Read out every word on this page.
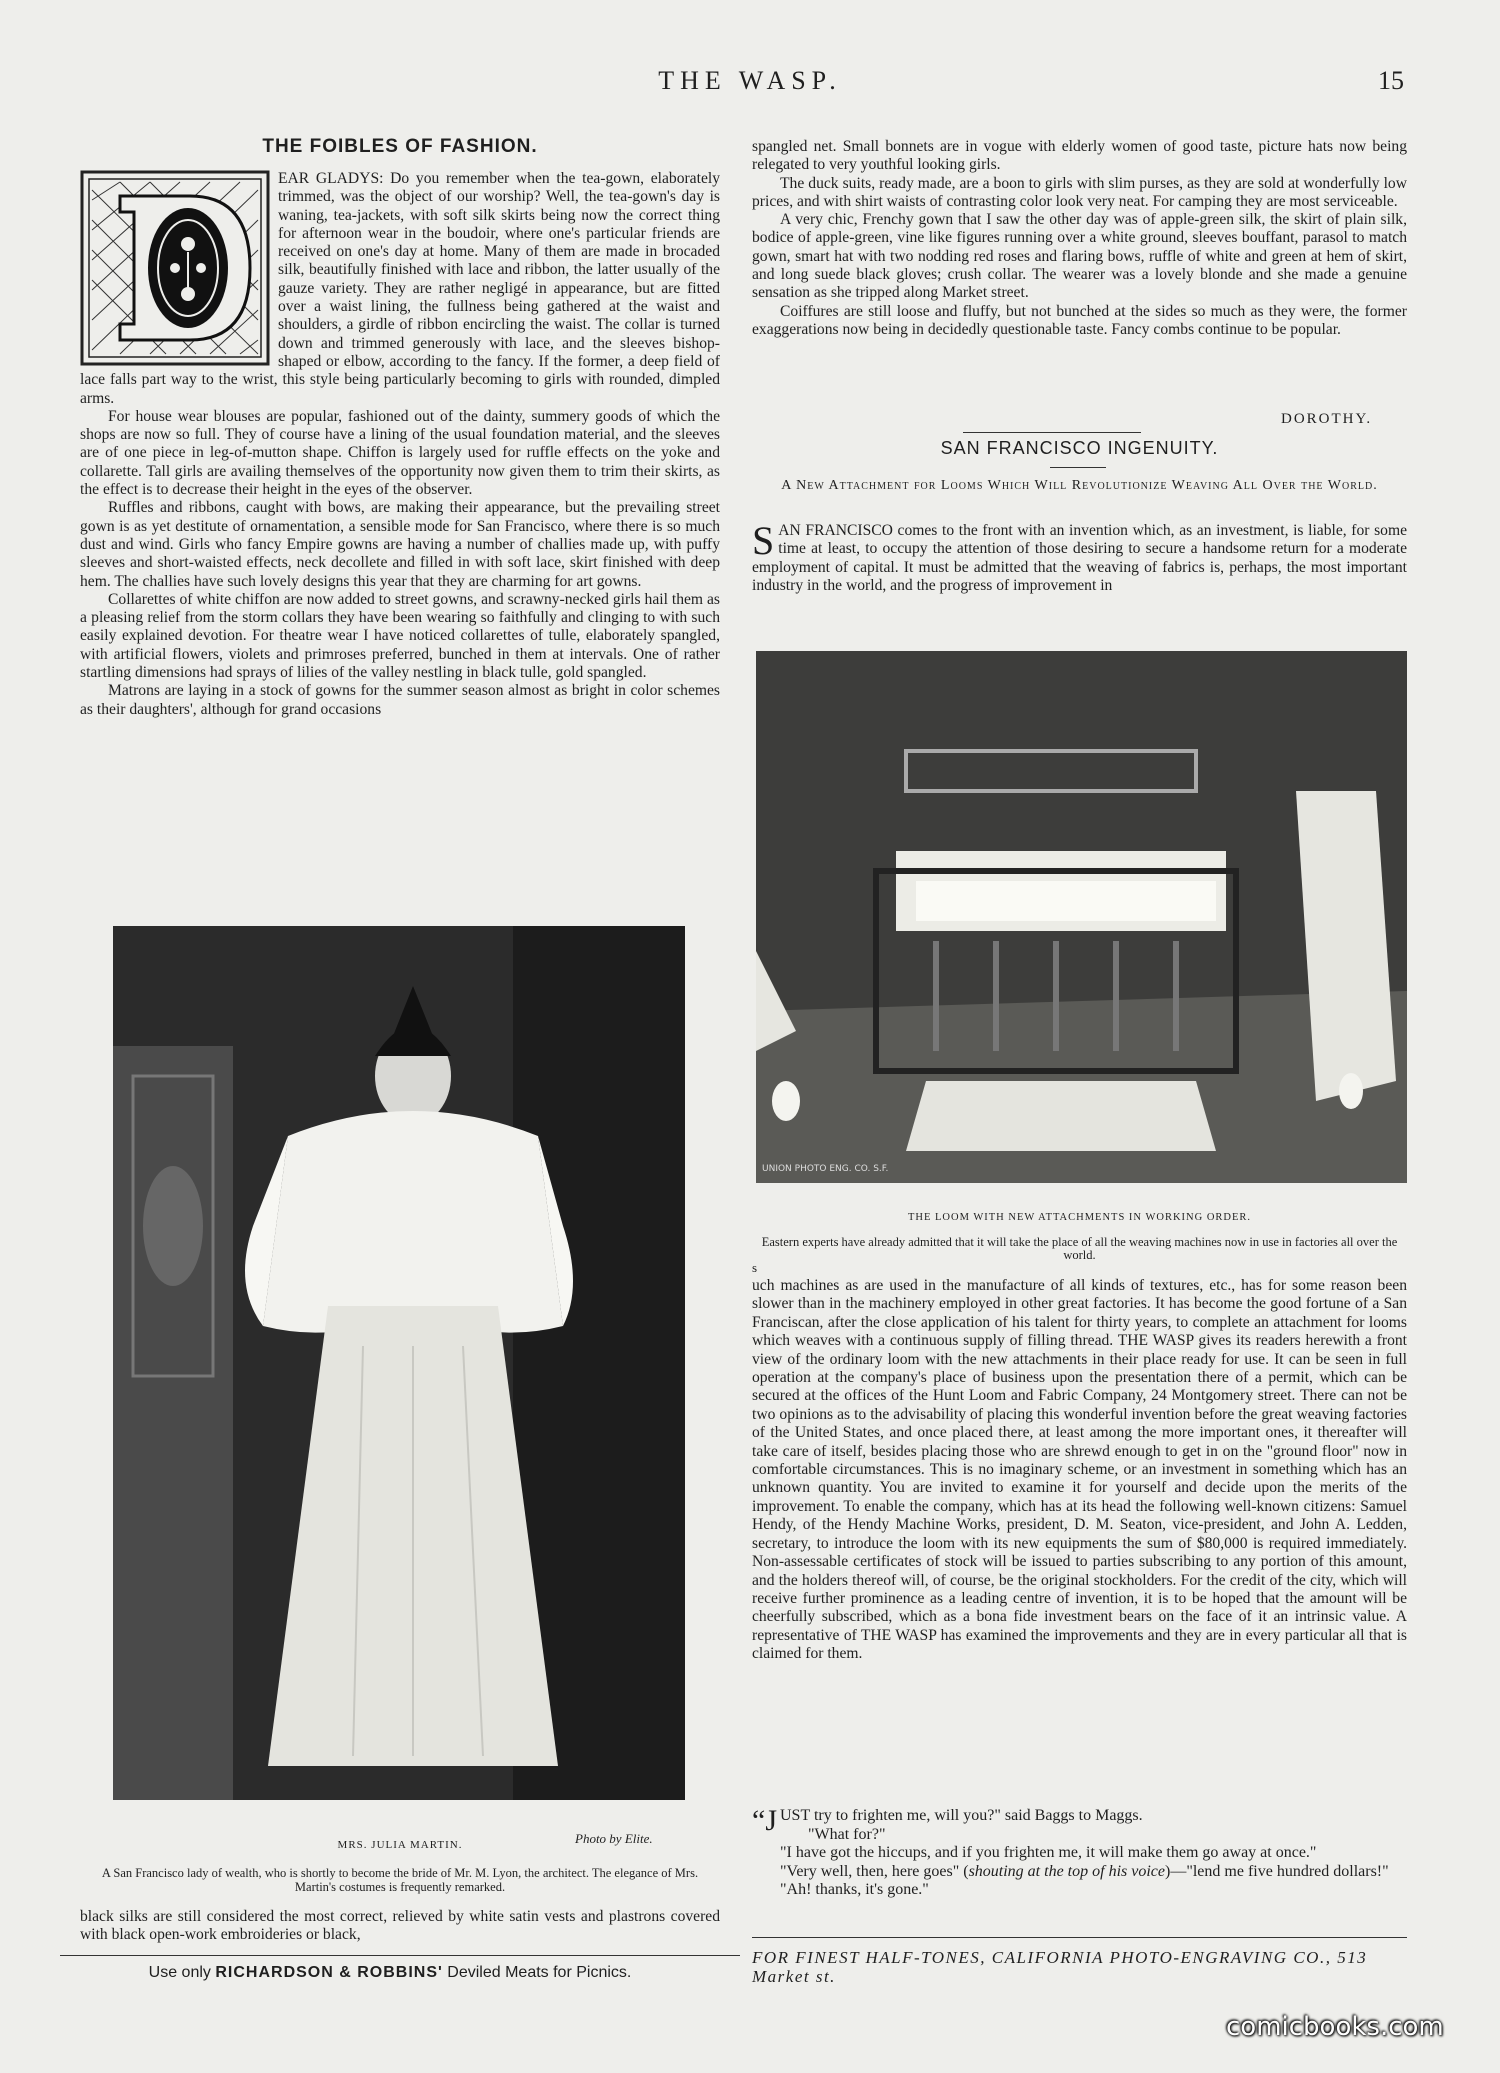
THE WASP.	15
THE FOIBLES OF FASHION.

EAR GLADYS: Do you remember when the tea-gown, elaborately trimmed, was the object of our worship? Well, the tea-gown's day is waning, tea-jackets, with soft silk skirts being now the correct thing for afternoon wear in the boudoir, where one's particular friends are received on one's day at home. Many of them are made in brocaded silk, beautifully finished with lace and ribbon, the latter usually of the gauze variety. They are rather negligé in appearance, but are fitted over a waist lining, the fullness being gathered at the waist and shoulders, a girdle of ribbon encircling the waist. The collar is turned down and trimmed generously with lace, and the sleeves bishop-shaped or elbow, according to the fancy. If the former, a deep field of lace falls part way to the wrist, this style being particularly becoming to girls with rounded, dimpled arms.

For house wear blouses are popular, fashioned out of the dainty, summery goods of which the shops are now so full. They of course have a lining of the usual foundation material, and the sleeves are of one piece in leg-of-mutton shape. Chiffon is largely used for ruffle effects on the yoke and collarette. Tall girls are availing themselves of the opportunity now given them to trim their skirts, as the effect is to decrease their height in the eyes of the observer.

Ruffles and ribbons, caught with bows, are making their appearance, but the prevailing street gown is as yet destitute of ornamentation, a sensible mode for San Francisco, where there is so much dust and wind. Girls who fancy Empire gowns are having a number of challies made up, with puffy sleeves and short-waisted effects, neck decollete and filled in with soft lace, skirt finished with deep hem. The challies have such lovely designs this year that they are charming for art gowns.

Collarettes of white chiffon are now added to street gowns, and scrawny-necked girls hail them as a pleasing relief from the storm collars they have been wearing so faithfully and clinging to with such easily explained devotion. For theatre wear I have noticed collarettes of tulle, elaborately spangled, with artificial flowers, violets and primroses preferred, bunched in them at intervals. One of rather startling dimensions had sprays of lilies of the valley nestling in black tulle, gold spangled.

Matrons are laying in a stock of gowns for the summer season almost as bright in color schemes as their daughters', although for grand occasions

Photo by Elite.
MRS. JULIA MARTIN.
A San Francisco lady of wealth, who is shortly to become the bride of Mr. M. Lyon, the architect. The elegance of Mrs. Martin's costumes is frequently remarked.

black silks are still considered the most correct, relieved by white satin vests and plastrons covered with black open-work embroideries or black,

Use only RICHARDSON & ROBBINS' Deviled Meats for Picnics.

spangled net. Small bonnets are in vogue with elderly women of good taste, picture hats now being relegated to very youthful looking girls.

The duck suits, ready made, are a boon to girls with slim purses, as they are sold at wonderfully low prices, and with shirt waists of contrasting color look very neat. For camping they are most serviceable.

A very chic, Frenchy gown that I saw the other day was of apple-green silk, the skirt of plain silk, bodice of apple-green, vine like figures running over a white ground, sleeves bouffant, parasol to match gown, smart hat with two nodding red roses and flaring bows, ruffle of white and green at hem of skirt, and long suede black gloves; crush collar. The wearer was a lovely blonde and she made a genuine sensation as she tripped along Market street.

Coiffures are still loose and fluffy, but not bunched at the sides so much as they were, the former exaggerations now being in decidedly questionable taste. Fancy combs continue to be popular.

DOROTHY.
SAN FRANCISCO INGENUITY.
A New Attachment for Looms Which Will Revolutionize Weaving All Over the World.
S AN FRANCISCO comes to the front with an invention which, as an investment, is liable, for some time at least, to occupy the attention of those desiring to secure a handsome return for a moderate employment of capital. It must be admitted that the weaving of fabrics is, perhaps, the most important industry in the world, and the progress of improvement in

UNION PHOTO ENG. CO. S.F.
THE LOOM WITH NEW ATTACHMENTS IN WORKING ORDER.
Eastern experts have already admitted that it will take the place of all the weaving machines now in use in factories all over the world.
s

uch machines as are used in the manufacture of all kinds of textures, etc., has for some reason been slower than in the machinery employed in other great factories. It has become the good fortune of a San Franciscan, after the close application of his talent for thirty years, to complete an attachment for looms which weaves with a continuous supply of filling thread. THE WASP gives its readers herewith a front view of the ordinary loom with the new attachments in their place ready for use. It can be seen in full operation at the company's place of business upon the presentation there of a permit, which can be secured at the offices of the Hunt Loom and Fabric Company, 24 Montgomery street. There can not be two opinions as to the advisability of placing this wonderful invention before the great weaving factories of the United States, and once placed there, at least among the more important ones, it thereafter will take care of itself, besides placing those who are shrewd enough to get in on the "ground floor" now in comfortable circumstances. This is no imaginary scheme, or an investment in something which has an unknown quantity. You are invited to examine it for yourself and decide upon the merits of the improvement. To enable the company, which has at its head the following well-known citizens: Samuel Hendy, of the Hendy Machine Works, president, D. M. Seaton, vice-president, and John A. Ledden, secretary, to introduce the loom with its new equipments the sum of $80,000 is required immediately. Non-assessable certificates of stock will be issued to parties subscribing to any portion of this amount, and the holders thereof will, of course, be the original stockholders. For the credit of the city, which will receive further prominence as a leading centre of invention, it is to be hoped that the amount will be cheerfully subscribed, which as a bona fide investment bears on the face of it an intrinsic value. A representative of THE WASP has examined the improvements and they are in every particular all that is claimed for them.

“JUST try to frighten me, will you?" said Baggs to Maggs.

"What for?"

"I have got the hiccups, and if you frighten me, it will make them go away at once."

"Very well, then, here goes" (shouting at the top of his voice)—"lend me five hundred dollars!"

"Ah! thanks, it's gone."

FOR FINEST HALF-TONES, CALIFORNIA PHOTO-ENGRAVING CO., 513 Market st.
comicbooks.com
